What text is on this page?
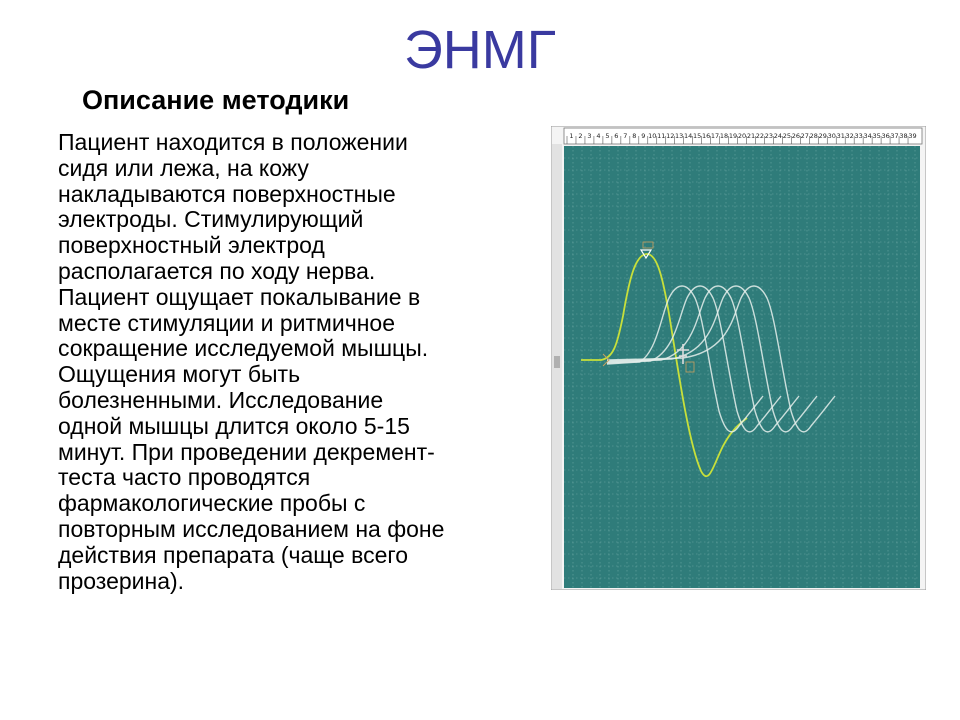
ЭНМГ
Описание методики
Пациент находится в положении
сидя или лежа, на кожу
накладываются поверхностные
электроды. Стимулирующий
поверхностный электрод
располагается по ходу нерва.
Пациент ощущает покалывание в
месте стимуляции и ритмичное
сокращение исследуемой мышцы.
Ощущения могут быть
болезненными. Исследование
одной мышцы длится около 5-15
минут. При проведении декремент-
теста часто проводятся
фармакологические пробы с
повторным исследованием на фоне
действия препарата (чаще всего
прозерина).
1 2 3 4 5 6 7 8 9 10 11 12 13 14 15 16 17 18 19 20 21 22 23 24 25 26 27 28 29 30 31 32 33 34 35 36 37 38 39
